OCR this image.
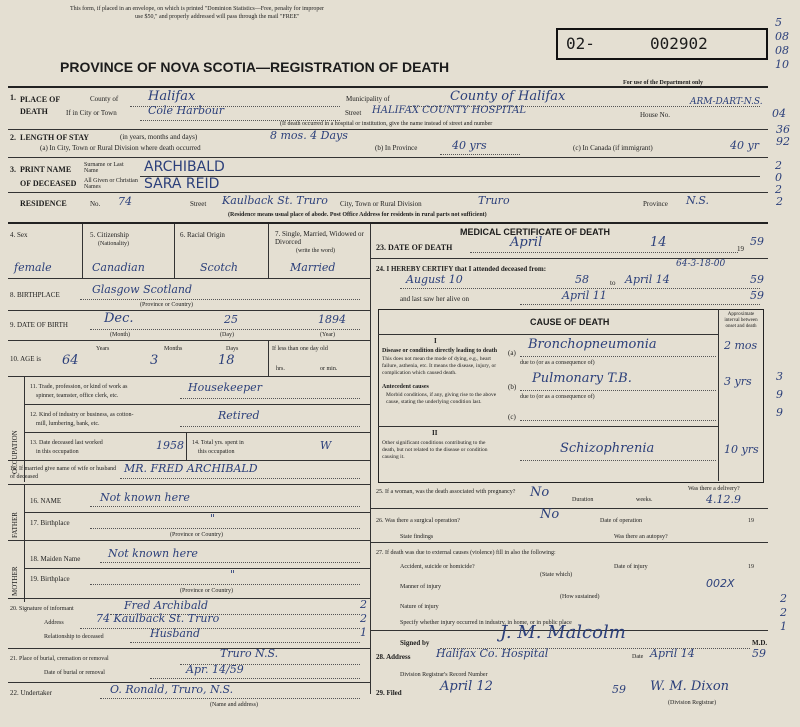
This form, if placed in an envelope, on which is printed "Dominion Statistics—Free, penalty for improper
use $50," and properly addressed will pass through the mail "FREE"
02-	002902
5
08
08
10
PROVINCE OF NOVA SCOTIA—REGISTRATION OF DEATH
For use of the Department only
1. PLACE OF DEATH
County of Halifax	Municipality of	County of Halifax
If in City or Town	Cole Harbour	Street HALIFAX COUNTY HOSPITAL	House No.
ARM-DART-N.S.
04
(If death occurred in a hospital or institution, give the name instead of street and number
2. LENGTH OF STAY	(in years, months and days)	8 mos. 4 Days
(a) In City, Town or Rural Division where death occurred	(b) In Province	40 yrs	(c) In Canada (if immigrant)	40 yr
36
92
3. PRINT NAME
OF DECEASED
Surname or Last Name	ARCHIBALD
All Given or Christian Names	SARA REID
2
0
2
RESIDENCE	No. 74	Street Kaulback St. Truro City, Town or Rural Division	Truro	Province N.S.	2
(Residence means usual place of abode. Post Office Address for residents in rural parts not sufficient)
4. Sex	5. Citizenship
(Nationality)
6. Racial Origin	7. Single, Married, Widowed or Divorced
(write the word)
female	Canadian	Scotch	Married
8. BIRTHPLACE	Glasgow Scotland
(Province or Country)
9. DATE OF BIRTH	Dec.	25	1894
(Month)	(Day)	(Year)
10. AGE is
Years	Months	Days
64	3	18
If less than one day old
hrs.	or min.
OCCUPATION
11. Trade, profession, or kind of work as
spinner, teamster, office clerk, etc.
Housekeeper
12. Kind of industry or business, as cotton-
mill, lumbering, bank, etc.
Retired
13. Date deceased last worked
in this occupation	1958 14. Total yrs. spent in
this occupation	W
15. If married give name of wife or husband of deceased
MR. FRED ARCHIBALD
FATHER
MOTHER
16. NAME	Not known here
17. Birthplace	"
(Province or Country)
18. Maiden Name	Not known here
19. Birthplace	"
(Province or Country)
20. Signature of informant	Fred Archibald
Address	74 Kaulback St. Truro
Relationship to deceased	Husband
21. Place of burial, cremation or removal	Truro N.S.
Date of burial or removal	Apr. 14/59
22. Undertaker	O. Ronald, Truro, N.S.
(Name and address)
2
2
1
MEDICAL CERTIFICATE OF DEATH
23. DATE OF DEATH	April	14	19
59
24. I HEREBY CERTIFY that I attended deceased from:	64-3-18-00
August 10	58	to April 14	59
and last saw her alive on	April 11	59
CAUSE OF DEATH
Approximate interval between onset and death
I
Disease or condition directly leading to death
This does not mean the mode of dying, e.g., heart failure, asthenia, etc. It means the disease, injury, or complication which caused death.
(a)
Bronchopneumonia	2 mos
due to (or as a consequence of)
Antecedent causes
Morbid conditions, if any, giving rise to the above cause, stating the underlying condition last.
(b)
Pulmonary T.B.	3 yrs
due to (or as a consequence of)
(c)
II
Other significant conditions contributing to the death, but not related to the disease or condition causing it.
Schizophrenia	10 yrs
3
9
9
25. If a woman, was the death associated with pregnancy?	No	Duration	weeks.
Was there a delivery?
4.12.9
26. Was there a surgical operation?	No	Date of operation	19
State findings	Was there an autopsy?
27. If death was due to external causes (violence) fill in also the following:
Accident, suicide or homicide?
(State which)
Date of injury	19
Manner of injury	002X
(How sustained)
Nature of injury
Specify whether injury occurred in industry, in home, or in public place
Signed by	J. M. Malcolm	M.D.
28. Address Halifax Co. Hospital	Date April 14	59
Division Registrar's Record Number
29. Filed	April 12	59 W. M. Dixon
(Division Registrar)
2
2
1
